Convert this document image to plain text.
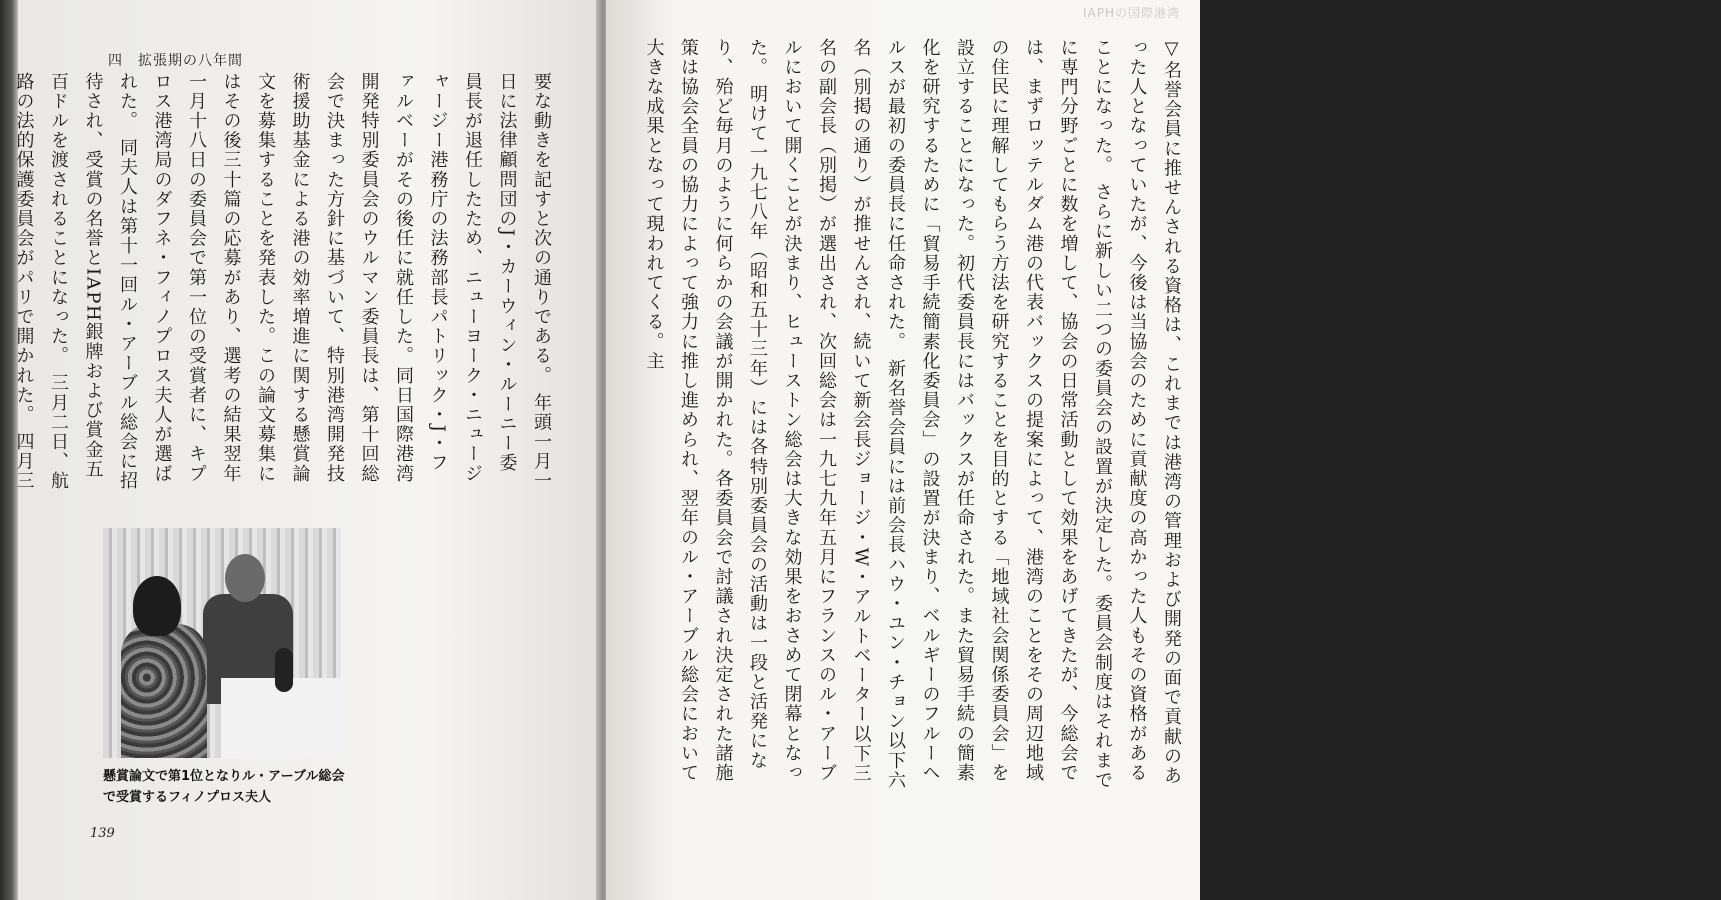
四　拡張期の八年間
要な動きを記すと次の通りである。 年頭一月一日に法律顧問団のJ・カーウィン・ルーニー委員長が退任したため、ニューヨーク・ニュージャージー港務庁の法務部長パトリック・J・ファルベーがその後任に就任した。同日国際港湾開発特別委員会のウルマン委員長は、第十回総会で決まった方針に基づいて、特別港湾開発技術援助基金による港の効率増進に関する懸賞論文を募集することを発表した。この論文募集にはその後三十篇の応募があり、選考の結果翌年一月十八日の委員会で第一位の受賞者に、キプロス港湾局のダフネ・フィノプロス夫人が選ばれた。 同夫人は第十一回ル・アーブル総会に招待され、受賞の名誉とIAPH銀牌および賞金五百ドルを渡されることになった。 三月二日、航路の法的保護委員会がパリで開かれた。 四月三
懸賞論文で第1位となりル・アーブル総会で受賞するフィノプロス夫人
139
IAPHの国際港湾
▽名誉会員に推せんされる資格は、これまでは港湾の管理および開発の面で貢献のあった人となっていたが、今後は当協会のために貢献度の高かった人もその資格があることになった。 さらに新しい二つの委員会の設置が決定した。委員会制度はそれまでに専門分野ごとに数を増して、協会の日常活動として効果をあげてきたが、今総会では、まずロッテルダム港の代表バックスの提案によって、港湾のことをその周辺地域の住民に理解してもらう方法を研究することを目的とする「地域社会関係委員会」を設立することになった。初代委員長にはバックスが任命された。また貿易手続の簡素化を研究するために「貿易手続簡素化委員会」の設置が決まり、ベルギーのフルーヘルスが最初の委員長に任命された。 新名誉会員には前会長ハウ・ユン・チョン以下六名（別掲の通り）が推せんされ、続いて新会長ジョージ・W・アルトベーター以下三名の副会長（別掲）が選出され、次回総会は一九七九年五月にフランスのル・アーブルにおいて開くことが決まり、ヒューストン総会は大きな効果をおさめて閉幕となった。 明けて一九七八年（昭和五十三年）には各特別委員会の活動は一段と活発になり、殆ど毎月のように何らかの会議が開かれた。各委員会で討議され決定された諸施策は協会全員の協力によって強力に推し進められ、翌年のル・アーブル総会において大きな成果となって現われてくる。主
138
